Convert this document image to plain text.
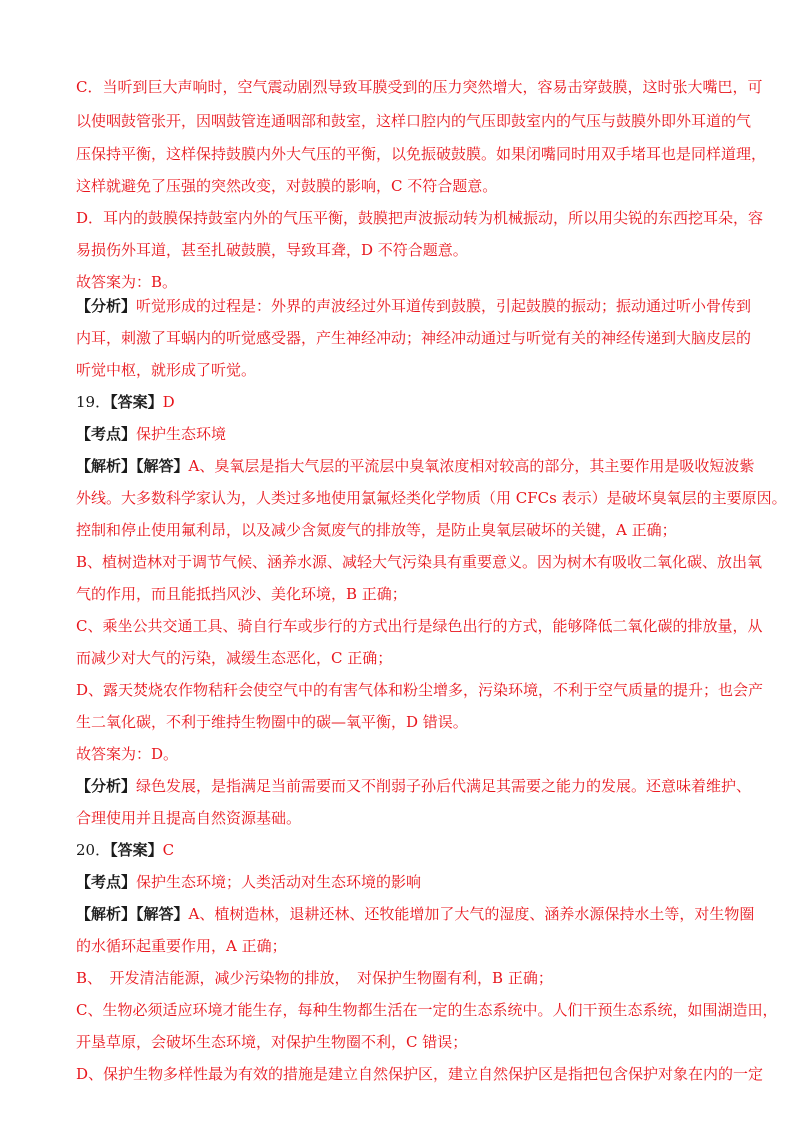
C．当听到巨大声响时，空气震动剧烈导致耳膜受到的压力突然增大，容易击穿鼓膜，这时张大嘴巴，可
以使咽鼓管张开，因咽鼓管连通咽部和鼓室，这样口腔内的气压即鼓室内的气压与鼓膜外即外耳道的气
压保持平衡，这样保持鼓膜内外大气压的平衡，以免振破鼓膜。如果闭嘴同时用双手堵耳也是同样道理，
这样就避免了压强的突然改变，对鼓膜的影响，C 不符合题意。
D．耳内的鼓膜保持鼓室内外的气压平衡，鼓膜把声波振动转为机械振动，所以用尖锐的东西挖耳朵，容
易损伤外耳道，甚至扎破鼓膜，导致耳聋，D 不符合题意。
故答案为：B。
【分析】听觉形成的过程是：外界的声波经过外耳道传到鼓膜，引起鼓膜的振动；振动通过听小骨传到
内耳，刺激了耳蜗内的听觉感受器，产生神经冲动；神经冲动通过与听觉有关的神经传递到大脑皮层的
听觉中枢，就形成了听觉。
19．【答案】D
【考点】保护生态环境
【解析】【解答】A、臭氧层是指大气层的平流层中臭氧浓度相对较高的部分，其主要作用是吸收短波紫
外线。大多数科学家认为，人类过多地使用氯氟烃类化学物质（用 CFCs 表示）是破坏臭氧层的主要原因。
控制和停止使用氟利昂，以及减少含氮废气的排放等，是防止臭氧层破坏的关键，A 正确；
B、植树造林对于调节气候、涵养水源、减轻大气污染具有重要意义。因为树木有吸收二氧化碳、放出氧
气的作用，而且能抵挡风沙、美化环境，B 正确；
C、乘坐公共交通工具、骑自行车或步行的方式出行是绿色出行的方式，能够降低二氧化碳的排放量，从
而减少对大气的污染，减缓生态恶化，C 正确；
D、露天焚烧农作物秸秆会使空气中的有害气体和粉尘增多，污染环境，不利于空气质量的提升；也会产
生二氧化碳，不利于维持生物圈中的碳—氧平衡，D 错误。
故答案为：D。
【分析】绿色发展，是指满足当前需要而又不削弱子孙后代满足其需要之能力的发展。还意味着维护、
合理使用并且提高自然资源基础。
20．【答案】C
【考点】保护生态环境；人类活动对生态环境的影响
【解析】【解答】A、植树造林，退耕还林、还牧能增加了大气的湿度、涵养水源保持水土等，对生物圈
的水循环起重要作用，A 正确；
B、　开发清洁能源，减少污染物的排放，　对保护生物圈有利，B 正确；
C、生物必须适应环境才能生存，每种生物都生活在一定的生态系统中。人们干预生态系统，如围湖造田，
开垦草原，会破坏生态环境，对保护生物圈不利，C 错误；
D、保护生物多样性最为有效的措施是建立自然保护区，建立自然保护区是指把包含保护对象在内的一定
